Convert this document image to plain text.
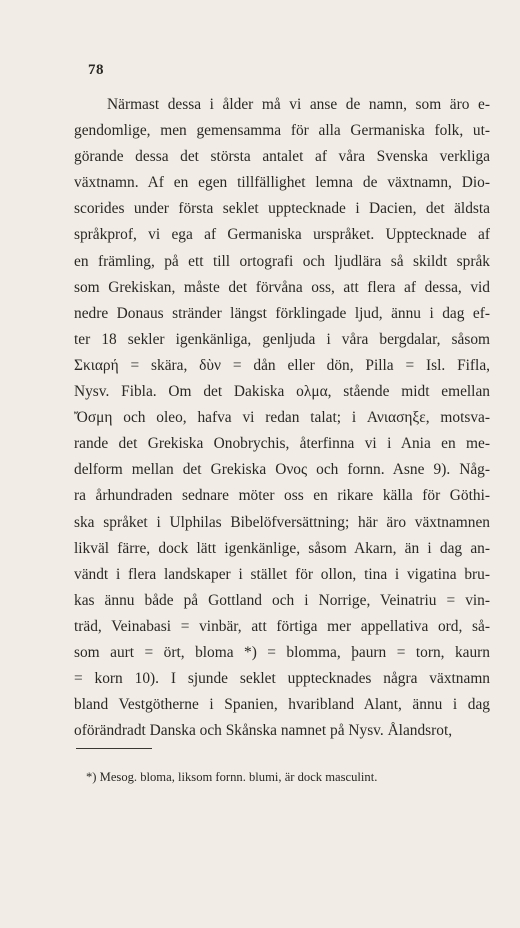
78
Närmast dessa i ålder må vi anse de namn, som äro e-
gendomlige, men gemensamma för alla Germaniska folk, ut-
görande dessa det största antalet af våra Svenska verkliga
växtnamn. Af en egen tillfällighet lemna de växtnamn, Dio-
scorides under första seklet upptecknade i Dacien, det äldsta
språkprof, vi ega af Germaniska urspråket. Upptecknade af
en främling, på ett till ortografi och ljudlära så skildt språk
som Grekiskan, måste det förvåna oss, att flera af dessa, vid
nedre Donaus stränder längst förklingade ljud, ännu i dag ef-
ter 18 sekler igenkänliga, genljuda i våra bergdalar, såsom
Σκιαρή = skära, δὺν = dån eller dön, Pilla = Isl. Fifla,
Nysv. Fibla. Om det Dakiska ολμα, stående midt emellan
Ὄσμη och oleo, hafva vi redan talat; i Ανιασηξε, motsva-
rande det Grekiska Onobrychis, återfinna vi i Ania en me-
delform mellan det Grekiska Ονος och fornn. Asne 9). Någ-
ra århundraden sednare möter oss en rikare källa för Göthi-
ska språket i Ulphilas Bibelöfversättning; här äro växtnamnen
likväl färre, dock lätt igenkänlige, såsom Akarn, än i dag an-
vändt i flera landskaper i stället för ollon, tina i vigatina bru-
kas ännu både på Gottland och i Norrige, Veinatriu = vin-
träd, Veinabasi = vinbär, att förtiga mer appellativa ord, så-
som aurt = ört, bloma *) = blomma, þaurn = torn, kaurn
= korn 10). I sjunde seklet upptecknades några växtnamn
bland Vestgötherne i Spanien, hvaribland Alant, ännu i dag
oförändradt Danska och Skånska namnet på Nysv. Ålandsrot,
*) Mesog. bloma, liksom fornn. blumi, är dock masculint.
